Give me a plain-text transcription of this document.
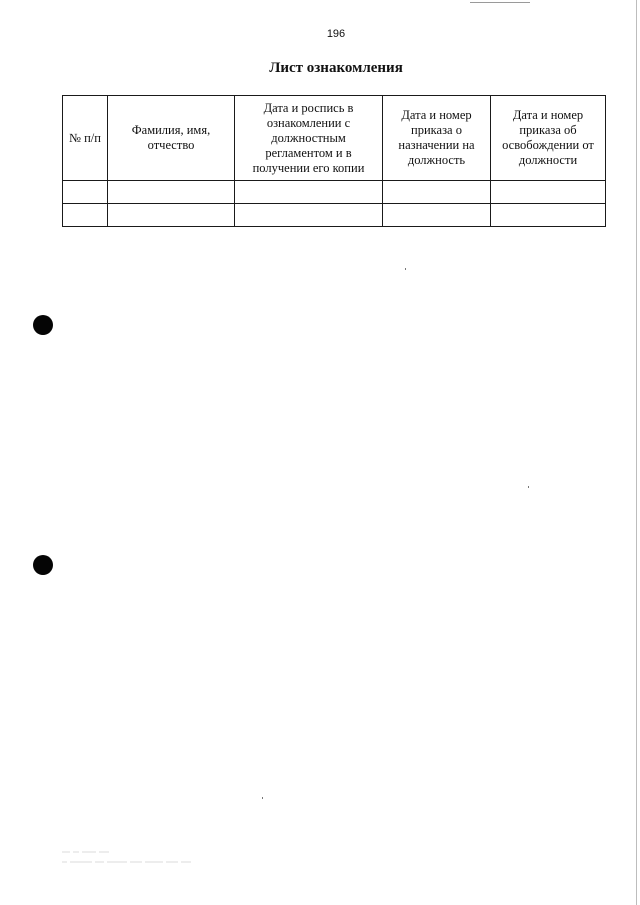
196
Лист ознакомления
№ п/п	Фамилия, имя, отчество	Дата и роспись в ознакомлении с должностным регламентом и в получении его копии	Дата и номер приказа о назначении на должность	Дата и номер приказа об освобождении от должности
